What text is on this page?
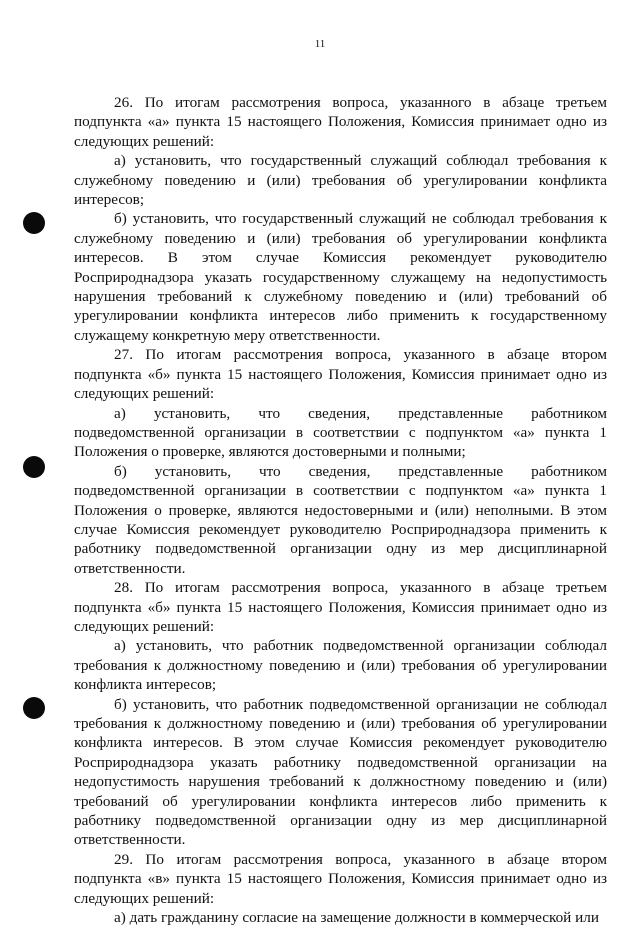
11

26. По итогам рассмотрения вопроса, указанного в абзаце третьем подпункта «а» пункта 15 настоящего Положения, Комиссия принимает одно из следующих решений:

а) установить, что государственный служащий соблюдал требования к служебному поведению и (или) требования об урегулировании конфликта интересов;

б) установить, что государственный служащий не соблюдал требования к служебному поведению и (или) требования об урегулировании конфликта интересов. В этом случае Комиссия рекомендует руководителю Росприроднадзора указать государственному служащему на недопустимость нарушения требований к служебному поведению и (или) требований об урегулировании конфликта интересов либо применить к государственному служащему конкретную меру ответственности.

27. По итогам рассмотрения вопроса, указанного в абзаце втором подпункта «б» пункта 15 настоящего Положения, Комиссия принимает одно из следующих решений:

а) установить, что сведения, представленные работником подведомственной организации в соответствии с подпунктом «а» пункта 1 Положения о проверке, являются достоверными и полными;

б) установить, что сведения, представленные работником подведомственной организации в соответствии с подпунктом «а» пункта 1 Положения о проверке, являются недостоверными и (или) неполными. В этом случае Комиссия рекомендует руководителю Росприроднадзора применить к работнику подведомственной организации одну из мер дисциплинарной ответственности.

28. По итогам рассмотрения вопроса, указанного в абзаце третьем подпункта «б» пункта 15 настоящего Положения, Комиссия принимает одно из следующих решений:

а) установить, что работник подведомственной организации соблюдал требования к должностному поведению и (или) требования об урегулировании конфликта интересов;

б) установить, что работник подведомственной организации не соблюдал требования к должностному поведению и (или) требования об урегулировании конфликта интересов. В этом случае Комиссия рекомендует руководителю Росприроднадзора указать работнику подведомственной организации на недопустимость нарушения требований к должностному поведению и (или) требований об урегулировании конфликта интересов либо применить к работнику подведомственной организации одну из мер дисциплинарной ответственности.

29. По итогам рассмотрения вопроса, указанного в абзаце втором подпункта «в» пункта 15 настоящего Положения, Комиссия принимает одно из следующих решений:

а) дать гражданину согласие на замещение должности в коммерческой или
